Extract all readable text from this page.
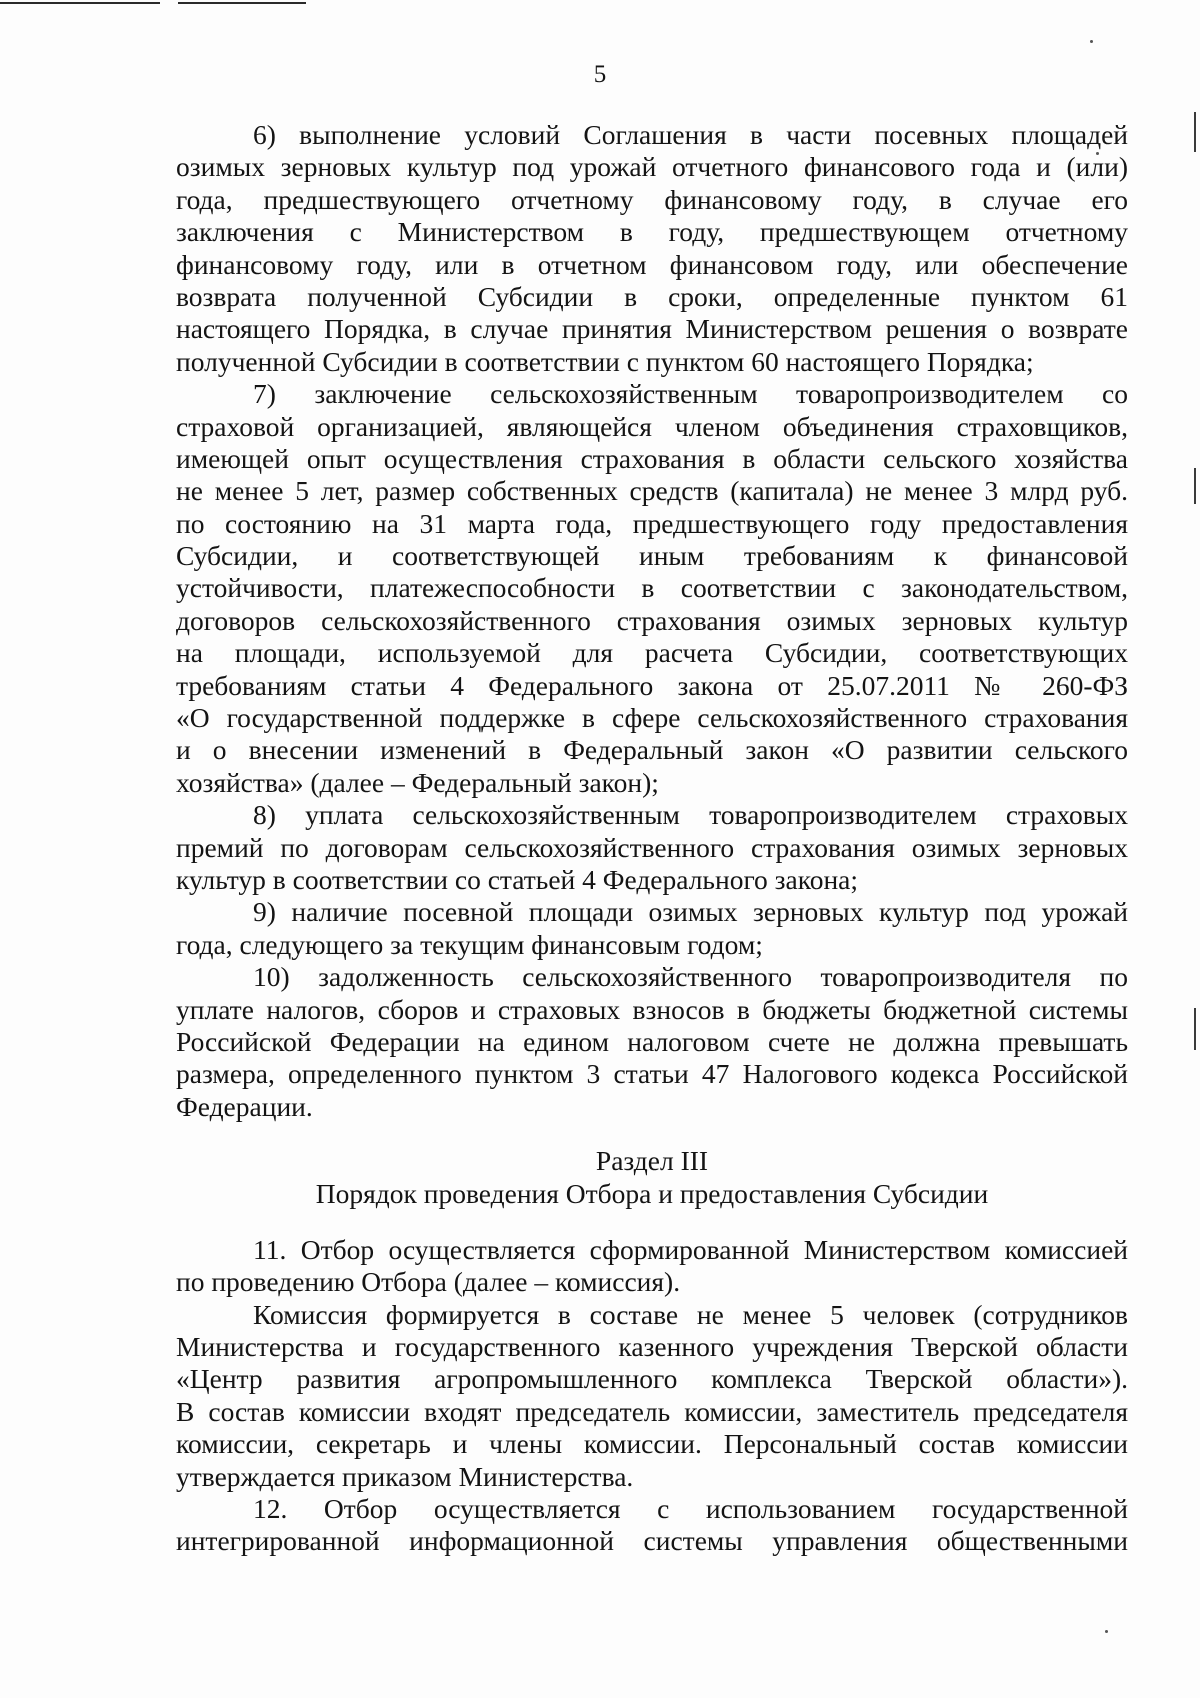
5
6) выполнение условий Соглашения в части посевных площадей
озимых зерновых культур под урожай отчетного финансового года и (или)
года, предшествующего отчетному финансовому году, в случае его
заключения с Министерством в году, предшествующем отчетному
финансовому году, или в отчетном финансовом году, или обеспечение
возврата полученной Субсидии в сроки, определенные пунктом 61
настоящего Порядка, в случае принятия Министерством решения о возврате
полученной Субсидии в соответствии с пунктом 60 настоящего Порядка;
7) заключение сельскохозяйственным товаропроизводителем со
страховой организацией, являющейся членом объединения страховщиков,
имеющей опыт осуществления страхования в области сельского хозяйства
не менее 5 лет, размер собственных средств (капитала) не менее 3 млрд руб.
по состоянию на 31 марта года, предшествующего году предоставления
Субсидии, и соответствующей иным требованиям к финансовой
устойчивости, платежеспособности в соответствии с законодательством,
договоров сельскохозяйственного страхования озимых зерновых культур
на площади, используемой для расчета Субсидии, соответствующих
требованиям статьи 4 Федерального закона от 25.07.2011 № 260-ФЗ
«О государственной поддержке в сфере сельскохозяйственного страхования
и о внесении изменений в Федеральный закон «О развитии сельского
хозяйства» (далее – Федеральный закон);
8) уплата сельскохозяйственным товаропроизводителем страховых
премий по договорам сельскохозяйственного страхования озимых зерновых
культур в соответствии со статьей 4 Федерального закона;
9) наличие посевной площади озимых зерновых культур под урожай
года, следующего за текущим финансовым годом;
10) задолженность сельскохозяйственного товаропроизводителя по
уплате налогов, сборов и страховых взносов в бюджеты бюджетной системы
Российской Федерации на едином налоговом счете не должна превышать
размера, определенного пунктом 3 статьи 47 Налогового кодекса Российской
Федерации.
Раздел III
Порядок проведения Отбора и предоставления Субсидии
11. Отбор осуществляется сформированной Министерством комиссией
по проведению Отбора (далее – комиссия).
Комиссия формируется в составе не менее 5 человек (сотрудников
Министерства и государственного казенного учреждения Тверской области
«Центр развития агропромышленного комплекса Тверской области»).
В состав комиссии входят председатель комиссии, заместитель председателя
комиссии, секретарь и члены комиссии. Персональный состав комиссии
утверждается приказом Министерства.
12. Отбор осуществляется с использованием государственной
интегрированной информационной системы управления общественными
